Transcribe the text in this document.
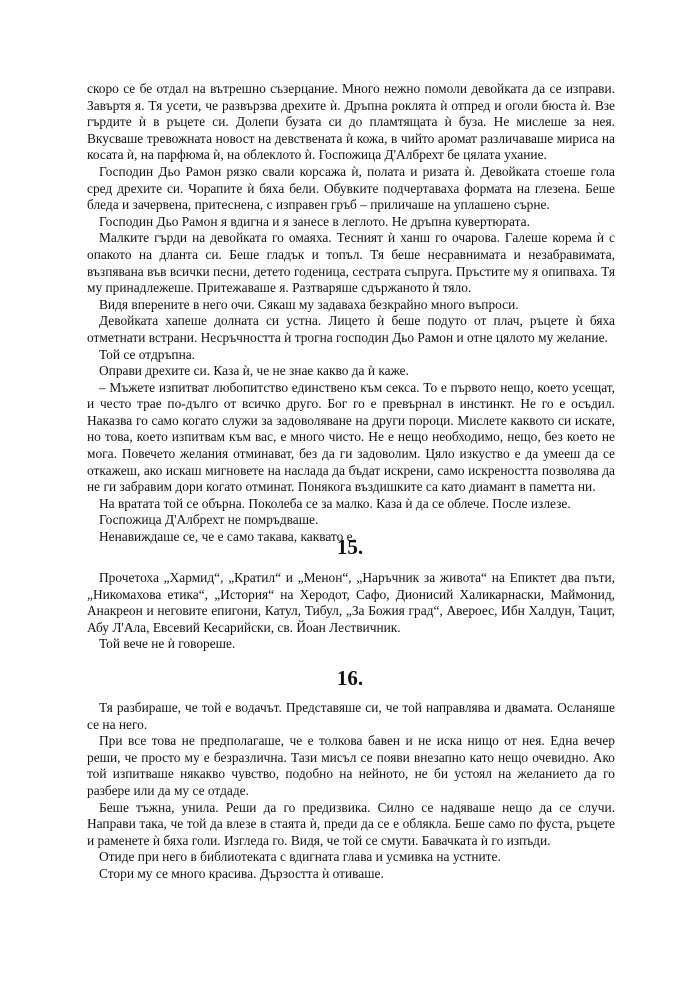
скоро се бе отдал на вътрешно съзерцание. Много нежно помоли девойката да се изправи. Завъртя я. Тя усети, че развързва дрехите ѝ. Дръпна роклята ѝ отпред и оголи бюста ѝ. Взе гърдите ѝ в ръцете си. Долепи бузата си до пламтящата ѝ буза. Не мислеше за нея. Вкусваше тревожната новост на девствената ѝ кожа, в чийто аромат различаваше мириса на косата ѝ, на парфюма ѝ, на облеклото ѝ. Госпожица Д'Албрехт бе цялата ухание.

Господин Дьо Рамон рязко свали корсажа ѝ, полата и ризата ѝ. Девойката стоеше гола сред дрехите си. Чорапите ѝ бяха бели. Обувките подчертаваха формата на глезена. Беше бледа и зачервена, притеснена, с изправен гръб – приличаше на уплашено сърне.

Господин Дьо Рамон я вдигна и я занесе в леглото. Не дръпна кувертюрата.

Малките гърди на девойката го омаяха. Тесният ѝ ханш го очарова. Галеше корема ѝ с опакото на дланта си. Беше гладък и топъл. Тя беше несравнимата и незабравимата, възпявана във всички песни, детето годеница, сестрата съпруга. Пръстите му я опипваха. Тя му принадлежеше. Притежаваше я. Разтваряше сдържаното ѝ тяло.

Видя вперените в него очи. Сякаш му задаваха безкрайно много въпроси.

Девойката хапеше долната си устна. Лицето ѝ беше подуто от плач, ръцете ѝ бяха отметнати встрани. Несръчността ѝ трогна господин Дьо Рамон и отне цялото му желание.

Той се отдръпна.

Оправи дрехите си. Каза ѝ, че не знае какво да ѝ каже.

– Мъжете изпитват любопитство единствено към секса. То е първото нещо, което усещат, и често трае по-дълго от всичко друго. Бог го е превърнал в инстинкт. Не го е осъдил. Наказва го само когато служи за задоволяване на други пороци. Мислете каквото си искате, но това, което изпитвам към вас, е много чисто. Не е нещо необходимо, нещо, без което не мога. Повечето желания отминават, без да ги задоволим. Цяло изкуство е да умееш да се откажеш, ако искаш мигновете на наслада да бъдат искрени, само искреността позволява да не ги забравим дори когато отминат. Понякога въздишките са като диамант в паметта ни.

На вратата той се обърна. Поколеба се за малко. Каза ѝ да се облече. После излезе.

Госпожица Д'Албрехт не помръдваше.

Ненавиждаше се, че е само такава, каквато е.

15.

Прочетоха „Хармид“, „Кратил“ и „Менон“, „Наръчник за живота“ на Епиктет два пъти, „Никомахова етика“, „История“ на Херодот, Сафо, Дионисий Халикарнаски, Маймонид, Анакреон и неговите епигони, Катул, Тибул, „За Божия град“, Авероес, Ибн Халдун, Тацит, Абу Л'Ала, Евсевий Кесарийски, св. Йоан Лествичник.

Той вече не ѝ говореше.

16.

Тя разбираше, че той е водачът. Представяше си, че той направлява и двамата. Осланяше се на него.

При все това не предполагаше, че е толкова бавен и не иска нищо от нея. Една вечер реши, че просто му е безразлична. Тази мисъл се появи внезапно като нещо очевидно. Ако той изпитваше някакво чувство, подобно на нейното, не би устоял на желанието да го разбере или да му се отдаде.

Беше тъжна, унила. Реши да го предизвика. Силно се надяваше нещо да се случи. Направи така, че той да влезе в стаята ѝ, преди да се е облякла. Беше само по фуста, ръцете и раменете ѝ бяха голи. Изгледа го. Видя, че той се смути. Бавачката ѝ го изпъди.

Отиде при него в библиотеката с вдигната глава и усмивка на устните.

Стори му се много красива. Дързостта ѝ отиваше.
